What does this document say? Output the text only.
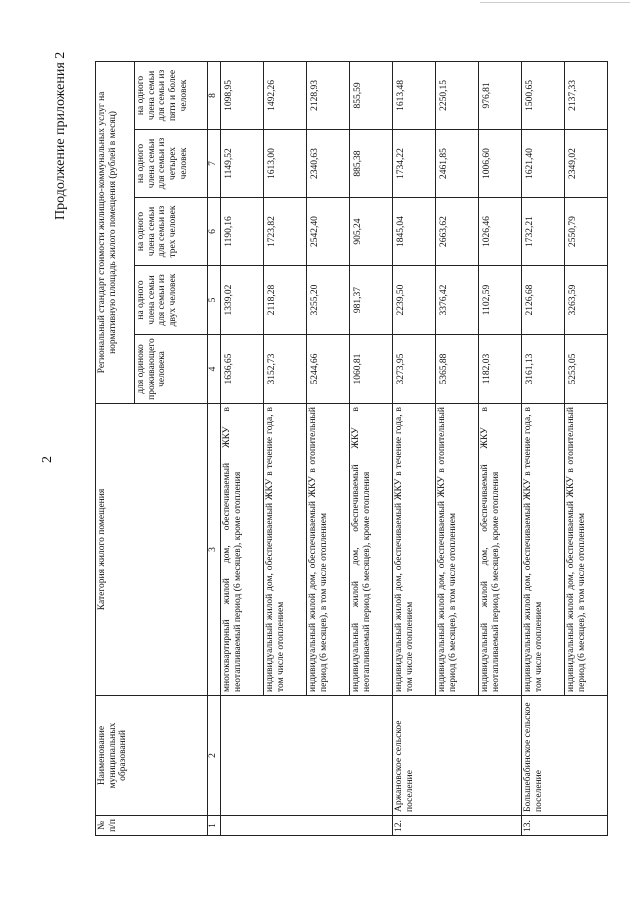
2
Продолжение приложения 2
№ п/п	Наименование муниципальных образований	Категория жилого помещения	Региональный стандарт стоимости жилищно-коммунальных услуг на нормативную площадь жилого помещения (рублей в месяц)				
			для одиноко проживающего человека	на одного члена семьи для семьи из двух человек	на одного члена семьи для семьи из трех человек	на одного члена семьи для семьи из четырех человек	на одного члена семьи для семьи из пяти и более человек
1	2	3	4	5	6	7	8
		многоквартирный жилой дом, обеспечиваемый ЖКУ в неотапливаемый период (6 месяцев), кроме отопления	1636,65	1339,02	1190,16	1149,52	1098,95
		индивидуальный жилой дом, обеспечиваемый ЖКУ в течение года, в том числе отоплением	3152,73	2118,28	1723,82	1613,00	1492,26
		индивидуальный жилой дом, обеспечиваемый ЖКУ в отопительный период (6 месяцев), в том числе отоплением	5244,66	3255,20	2542,40	2340,63	2128,93
		индивидуальный жилой дом, обеспечиваемый ЖКУ в неотапливаемый период (6 месяцев), кроме отопления	1060,81	981,37	905,24	885,38	855,59
12.	Аржановское сельское поселение	индивидуальный жилой дом, обеспечиваемый ЖКУ в течение года, в том числе отоплением	3273,95	2239,50	1845,04	1734,22	1613,48
		индивидуальный жилой дом, обеспечиваемый ЖКУ в отопительный период (6 месяцев), в том числе отоплением	5365,88	3376,42	2663,62	2461,85	2250,15
		индивидуальный жилой дом, обеспечиваемый ЖКУ в неотапливаемый период (6 месяцев), кроме отопления	1182,03	1102,59	1026,46	1006,60	976,81
13.	Большебабинское сельское поселение	индивидуальный жилой дом, обеспечиваемый ЖКУ в течение года, в том числе отоплением	3161,13	2126,68	1732,21	1621,40	1500,65
		индивидуальный жилой дом, обеспечиваемый ЖКУ в отопительный период (6 месяцев), в том числе отоплением	5253,05	3263,59	2550,79	2349,02	2137,33
